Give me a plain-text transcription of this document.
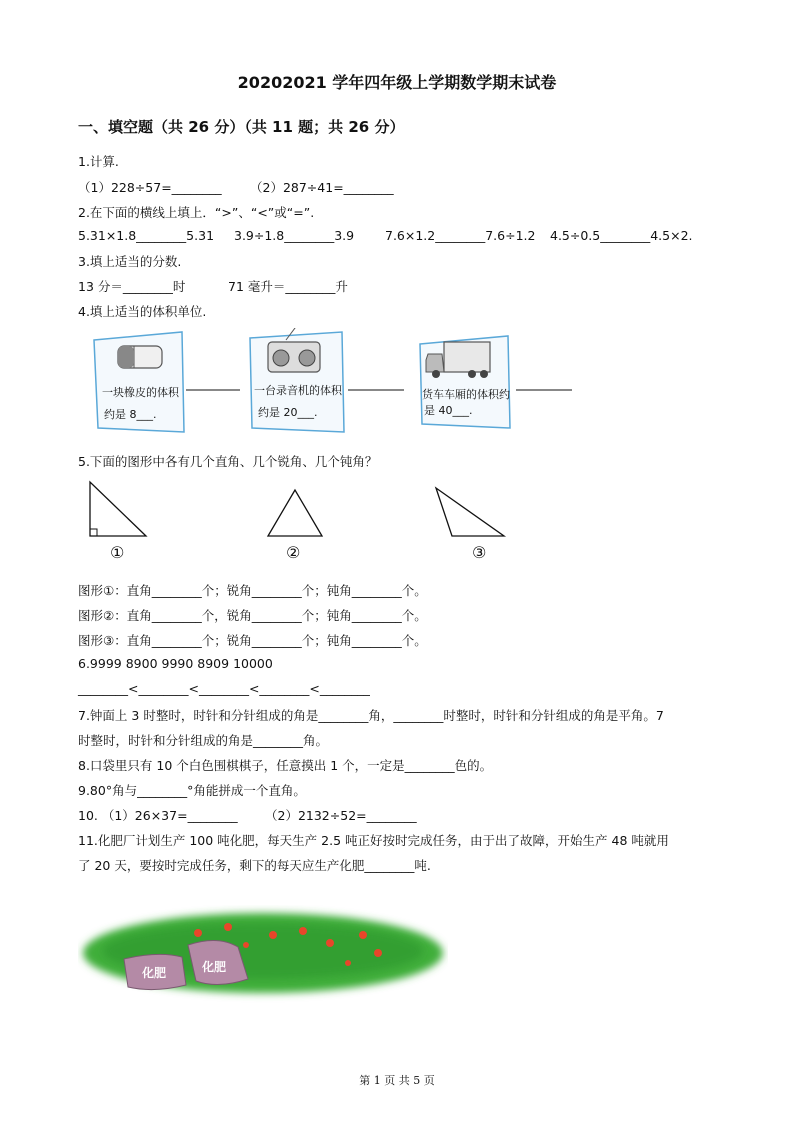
20202021 学年四年级上学期数学期末试卷
一、填空题（共 26 分）（共 11 题；共 26 分）
1.计算.
（1）228÷57=________ （2）287÷41=________
2.在下面的横线上填上．“>”、“<”或“=”.
5.31×1.8________5.31 3.9÷1.8________3.9 7.6×1.2________7.6÷1.2 4.5÷0.5________4.5×2.
3.填上适当的分数.
13 分＝________时	71 毫升＝________升
4.填上适当的体积单位.
一块橡皮的体积
约是 8___.
一台录音机的体积
约是 20___.
货车车厢的体积约
是 40___.
5.下面的图形中各有几个直角、几个锐角、几个钝角？
①	②	③
图形①：直角________个；锐角________个；钝角________个。
图形②：直角________个，锐角________个；钝角________个。
图形③：直角________个；锐角________个；钝角________个。
6.9999 8900 9990 8909 10000
________<________<________<________<________
7.钟面上 3 时整时，时针和分针组成的角是________角，________时整时，时针和分针组成的角是平角。7
时整时，时针和分针组成的角是________角。
8.口袋里只有 10 个白色围棋棋子，任意摸出 1 个，一定是________色的。
9.80°角与________°角能拼成一个直角。
10. （1）26×37=________ （2）2132÷52=________
11.化肥厂计划生产 100 吨化肥，每天生产 2.5 吨正好按时完成任务，由于出了故障，开始生产 48 吨就用
了 20 天，要按时完成任务，剩下的每天应生产化肥________吨.
化肥
化肥
第 1 页 共 5 页
